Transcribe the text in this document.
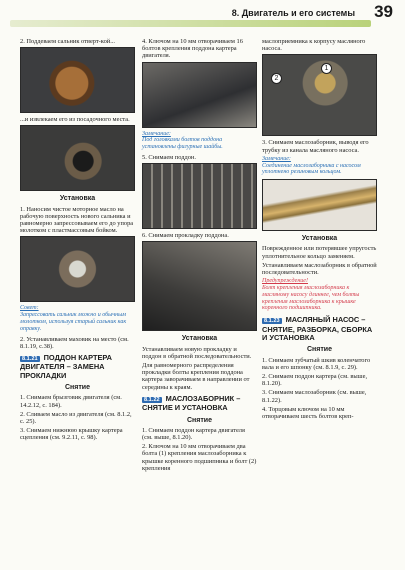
8. Двигатель и его системы 39

2. Поддеваем сальник отверт-кой...

...и извлекаем его из посадочного места.

Установка

1. Наносим чистое моторное масло на рабочую поверхность нового сальника и равномерно запрессовываем его до упора молотком с пластмассовым бойком.

Совет:
Запрессовать сальник можно и обычным молотком, используя старый сальник как оправку.

2. Устанавливаем маховик на место (см. 8.1.19, с.38).

8.1.21 ПОДДОН КАРТЕРА ДВИГАТЕЛЯ – ЗАМЕНА ПРОКЛАДКИ
Снятие

1. Снимаем брызговик двигателя (см. 14.2.12, с. 184).

2. Сливаем масло из двигателя (см. 8.1.2, с. 25).

3. Снимаем нижнюю крышку картера сцепления (см. 9.2.11, с. 98).

4. Ключом на 10 мм отворачиваем 16 болтов крепления поддона картера двигателя.

Замечание:
Под головками болтов поддона установлены фигурные шайбы.

5. Снимаем поддон.

6. Снимаем прокладку поддона.

Установка

Устанавливаем новую прокладку и поддон в обратной последовательности.

Для равномерного распределения прокладки болты крепления поддона картера заворачиваем в направлении от середины к краям.

8.1.22 МАСЛОЗАБОРНИК – СНЯТИЕ И УСТАНОВКА
Снятие

1. Снимаем поддон картера двигателя (см. выше, 8.1.20).

2. Ключом на 10 мм отворачиваем два болта (1) крепления маслозаборника к крышке коренного подшипника и болт (2) крепления

маслоприемника к корпусу масляного насоса.

1
2

3. Снимаем маслозаборник, выводя его трубку из канала масляного насоса.

Замечание:
Соединение маслозаборника с насосом уплотнено резиновым кольцом.
Установка

Поврежденное или потерявшее упругость уплотнительное кольцо заменяем.

Устанавливаем маслозаборник в обратной последовательности.

Предупреждение!
Болт крепления маслозаборника к масляному насосу длиннее, чем болты крепления маслозаборника к крышке коренного подшипника.
8.1.23 МАСЛЯНЫЙ НАСОС – СНЯТИЕ, РАЗБОРКА, СБОРКА И УСТАНОВКА
Снятие

1. Снимаем зубчатый шкив коленчатого вала и его шпонку (см. 8.1.9, с. 29).

2. Снимаем поддон картера (см. выше, 8.1.20).

3. Снимаем маслозаборник (см. выше, 8.1.22).

4. Торцовым ключом на 10 мм отворачиваем шесть болтов креп-
